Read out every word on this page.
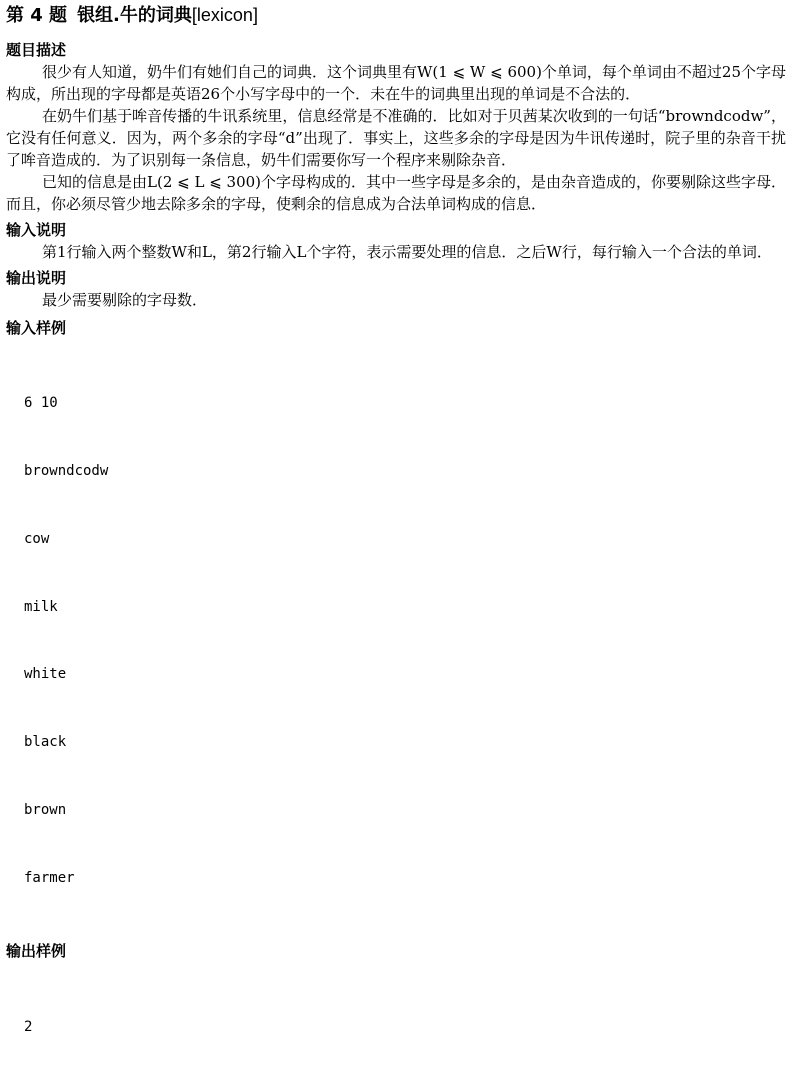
第 4 题 银组.牛的词典[lexicon]
题目描述

很少有人知道，奶牛们有她们自己的词典．这个词典里有W(1 ⩽ W ⩽ 600)个单词，每个单词由不超过25个字母构成，所出现的字母都是英语26个小写字母中的一个．未在牛的词典里出现的单词是不合法的．

在奶牛们基于哞音传播的牛讯系统里，信息经常是不准确的．比如对于贝茜某次收到的一句话“browndcodw”，它没有任何意义．因为，两个多余的字母“d”出现了．事实上，这些多余的字母是因为牛讯传递时，院子里的杂音干扰了哞音造成的．为了识别每一条信息，奶牛们需要你写一个程序来剔除杂音．

已知的信息是由L(2 ⩽ L ⩽ 300)个字母构成的．其中一些字母是多余的，是由杂音造成的，你要剔除这些字母．而且，你必须尽管少地去除多余的字母，使剩余的信息成为合法单词构成的信息．

输入说明

第1行输入两个整数W和L，第2行输入L个字符，表示需要处理的信息．之后W行，每行输入一个合法的单词．

输出说明

最少需要剔除的字母数．

输入样例

6 10

browndcodw

cow

milk

white

black

brown

farmer

输出样例

2
